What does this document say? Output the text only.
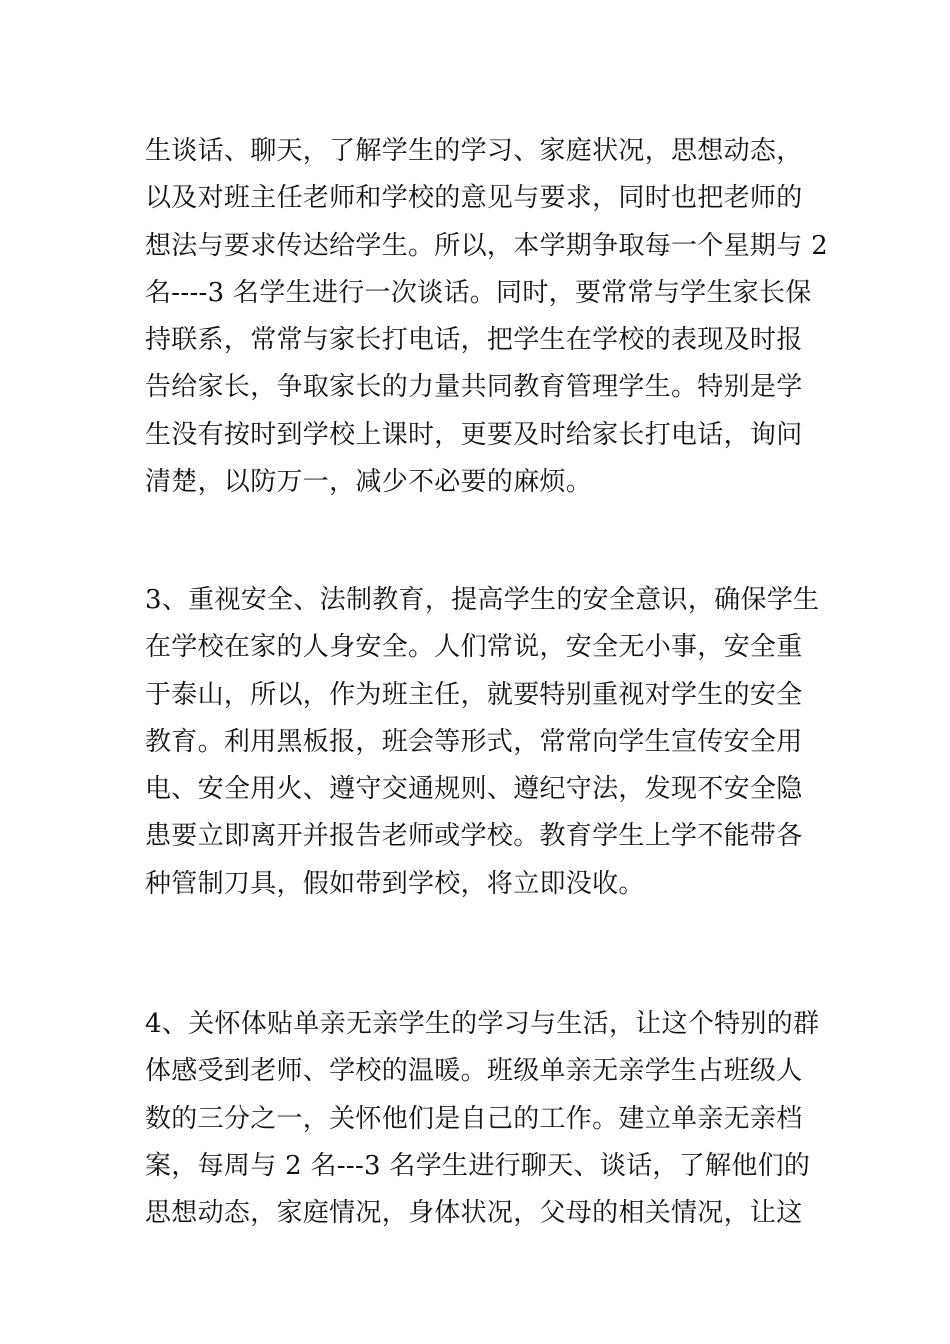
生谈话、聊天，了解学生的学习、家庭状况，思想动态，
以及对班主任老师和学校的意见与要求，同时也把老师的
想法与要求传达给学生。所以，本学期争取每一个星期与 2
名----3 名学生进行一次谈话。同时，要常常与学生家长保
持联系，常常与家长打电话，把学生在学校的表现及时报
告给家长，争取家长的力量共同教育管理学生。特别是学
生没有按时到学校上课时，更要及时给家长打电话，询问
清楚，以防万一，减少不必要的麻烦。
3、重视安全、法制教育，提高学生的安全意识，确保学生
在学校在家的人身安全。人们常说，安全无小事，安全重
于泰山，所以，作为班主任，就要特别重视对学生的安全
教育。利用黑板报，班会等形式，常常向学生宣传安全用
电、安全用火、遵守交通规则、遵纪守法，发现不安全隐
患要立即离开并报告老师或学校。教育学生上学不能带各
种管制刀具，假如带到学校，将立即没收。
4、关怀体贴单亲无亲学生的学习与生活，让这个特别的群
体感受到老师、学校的温暖。班级单亲无亲学生占班级人
数的三分之一，关怀他们是自己的工作。建立单亲无亲档
案，每周与 2 名---3 名学生进行聊天、谈话，了解他们的
思想动态，家庭情况，身体状况，父母的相关情况，让这
